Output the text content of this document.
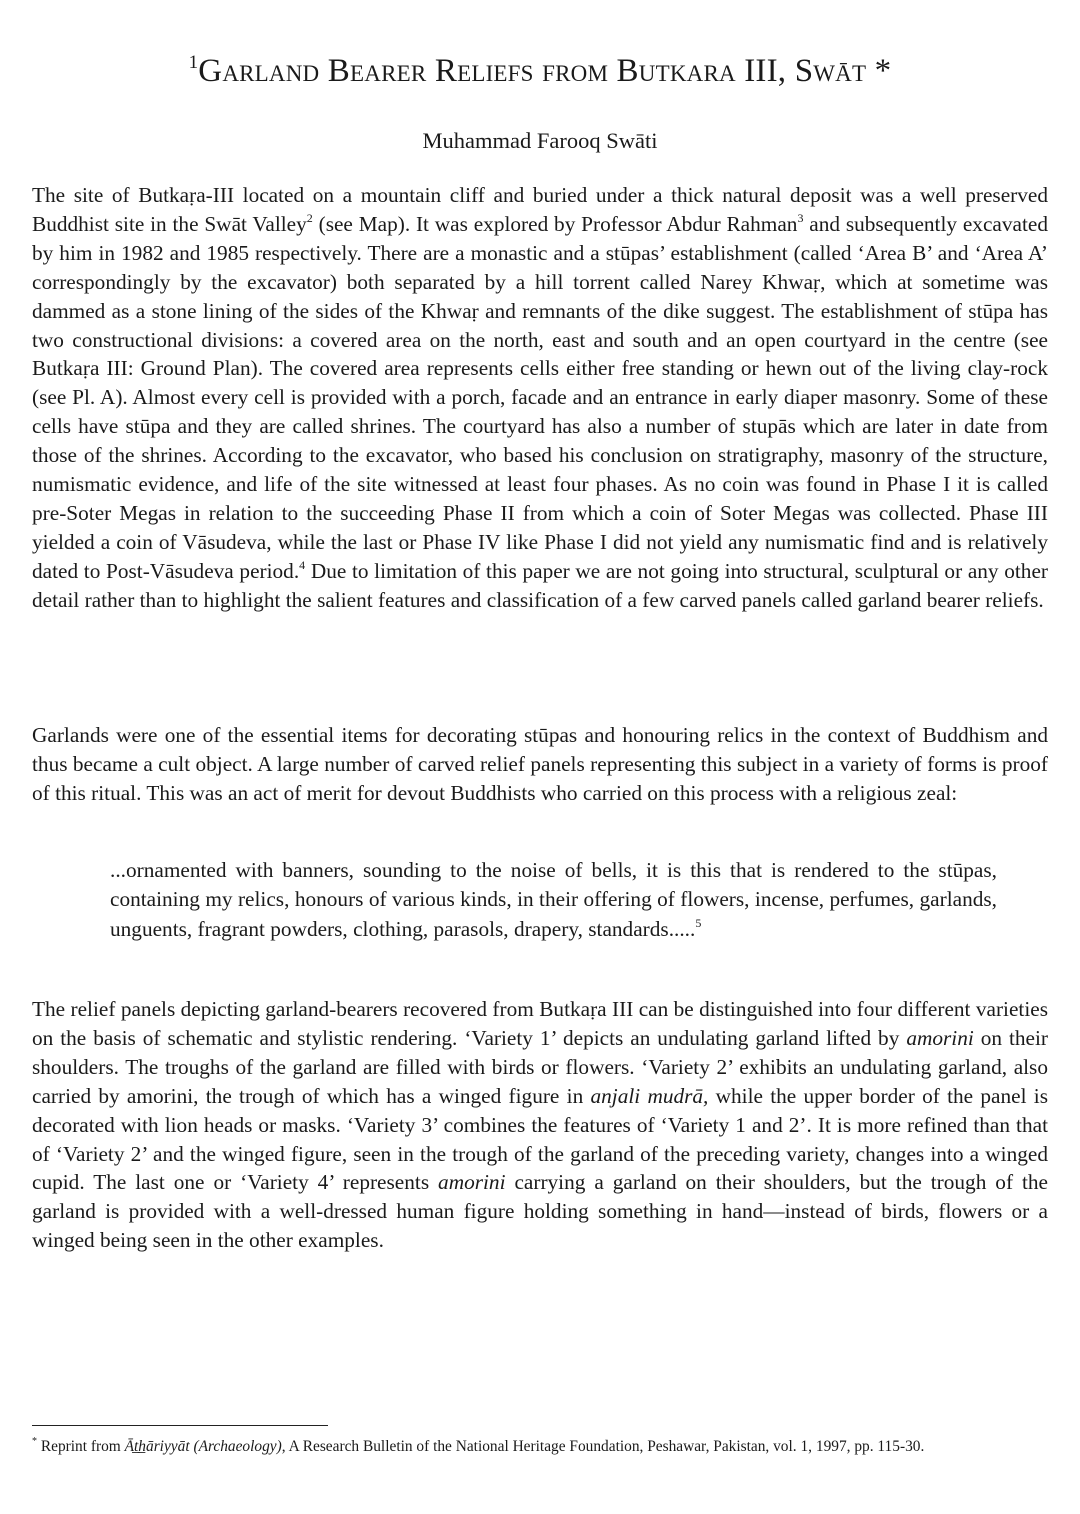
$^1$Garland Bearer Reliefs from Butkara III, Swāt *

Muhammad Farooq Swāti

The site of Butkaṛa-III located on a mountain cliff and buried under a thick natural deposit was a well preserved Buddhist site in the Swāt Valley$^2$ (see Map). It was explored by Professor Abdur Rahman$^3$ and subsequently excavated by him in 1982 and 1985 respectively. There are a monastic and a stūpas’ establishment (called ‘Area B’ and ‘Area A’ correspondingly by the excavator) both separated by a hill torrent called Narey Khwaṛ, which at sometime was dammed as a stone lining of the sides of the Khwaṛ and remnants of the dike suggest. The establishment of stūpa has two constructional divisions: a covered area on the north, east and south and an open courtyard in the centre (see Butkaṛa III: Ground Plan). The covered area represents cells either free standing or hewn out of the living clay-rock (see Pl. A). Almost every cell is provided with a porch, facade and an entrance in early diaper masonry. Some of these cells have stūpa and they are called shrines. The courtyard has also a number of stupās which are later in date from those of the shrines. According to the excavator, who based his conclusion on stratigraphy, masonry of the structure, numismatic evidence, and life of the site witnessed at least four phases. As no coin was found in Phase I it is called pre-Soter Megas in relation to the succeeding Phase II from which a coin of Soter Megas was collected. Phase III yielded a coin of Vāsudeva, while the last or Phase IV like Phase I did not yield any numismatic find and is relatively dated to Post-Vāsudeva period.$^4$ Due to limitation of this paper we are not going into structural, sculptural or any other detail rather than to highlight the salient features and classification of a few carved panels called garland bearer reliefs.

Garlands were one of the essential items for decorating stūpas and honouring relics in the context of Buddhism and thus became a cult object. A large number of carved relief panels representing this subject in a variety of forms is proof of this ritual. This was an act of merit for devout Buddhists who carried on this process with a religious zeal:

...ornamented with banners, sounding to the noise of bells, it is this that is rendered to the stūpas, containing my relics, honours of various kinds, in their offering of flowers, incense, perfumes, garlands, unguents, fragrant powders, clothing, parasols, drapery, standards.....$^5$

The relief panels depicting garland-bearers recovered from Butkaṛa III can be distinguished into four different varieties on the basis of schematic and stylistic rendering. ‘Variety 1’ depicts an undulating garland lifted by amorini on their shoulders. The troughs of the garland are filled with birds or flowers. ‘Variety 2’ exhibits an undulating garland, also carried by amorini, the trough of which has a winged figure in anjali mudrā, while the upper border of the panel is decorated with lion heads or masks. ‘Variety 3’ combines the features of ‘Variety 1 and 2’. It is more refined than that of ‘Variety 2’ and the winged figure, seen in the trough of the garland of the preceding variety, changes into a winged cupid. The last one or ‘Variety 4’ represents amorini carrying a garland on their shoulders, but the trough of the garland is provided with a well-dressed human figure holding something in hand—instead of birds, flowers or a winged being seen in the other examples.

* Reprint from Āt̲h̲āriyyāt (Archaeology), A Research Bulletin of the National Heritage Foundation, Peshawar, Pakistan, vol. 1, 1997, pp. 115-30.
